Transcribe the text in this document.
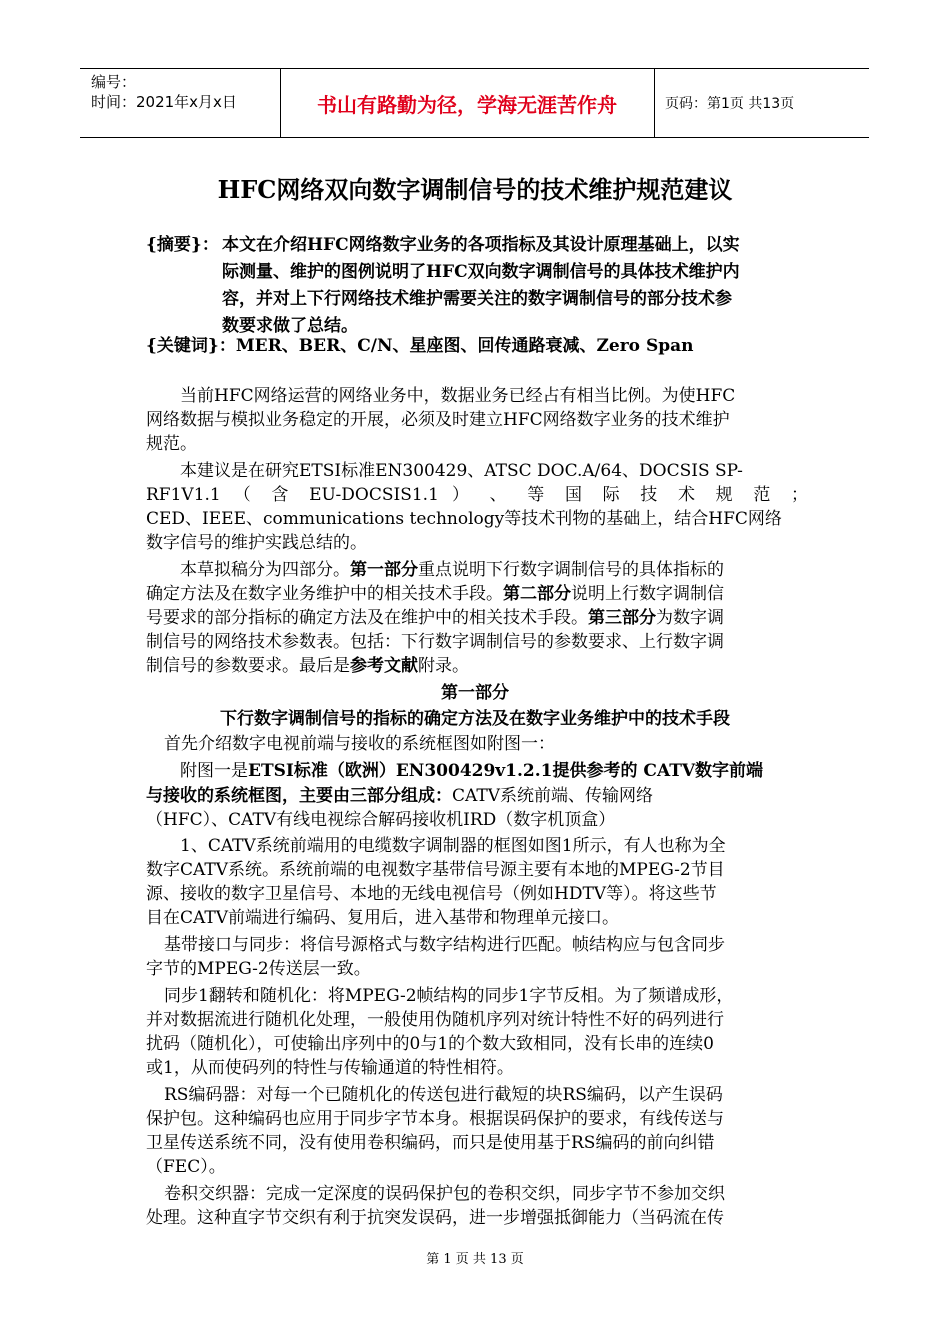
编号：
时间：2021年x月x日	书山有路勤为径，学海无涯苦作舟	页码：第1页 共13页
HFC网络双向数字调制信号的技术维护规范建议
{摘要}： 本文在介绍HFC网络数字业务的各项指标及其设计原理基础上，以实
际测量、维护的图例说明了HFC双向数字调制信号的具体技术维护内
容，并对上下行网络技术维护需要关注的数字调制信号的部分技术参
数要求做了总结。
{关键词}：MER、BER、C/N、星座图、回传通路衰减、Zero Span
当前HFC网络运营的网络业务中，数据业务已经占有相当比例。为使HFC
网络数据与模拟业务稳定的开展，必须及时建立HFC网络数字业务的技术维护
规范。
本建议是在研究ETSI标准EN300429、ATSC DOC.A/64、DOCSIS SP-
RF1V1.1 （ 含 EU-DOCSIS1.1 ） 、 等 国 际 技 术 规 范 ；
CED、IEEE、communications technology等技术刊物的基础上，结合HFC网络
数字信号的维护实践总结的。
本草拟稿分为四部分。第一部分重点说明下行数字调制信号的具体指标的
确定方法及在数字业务维护中的相关技术手段。第二部分说明上行数字调制信
号要求的部分指标的确定方法及在维护中的相关技术手段。第三部分为数字调
制信号的网络技术参数表。包括：下行数字调制信号的参数要求、上行数字调
制信号的参数要求。最后是参考文献附录。
第一部分
下行数字调制信号的指标的确定方法及在数字业务维护中的技术手段
首先介绍数字电视前端与接收的系统框图如附图一：
附图一是ETSI标准（欧洲）EN300429v1.2.1提供参考的 CATV数字前端
与接收的系统框图，主要由三部分组成：CATV系统前端、传输网络
（HFC）、CATV有线电视综合解码接收机IRD（数字机顶盒）
1、CATV系统前端用的电缆数字调制器的框图如图1所示，有人也称为全
数字CATV系统。系统前端的电视数字基带信号源主要有本地的MPEG-2节目
源、接收的数字卫星信号、本地的无线电视信号（例如HDTV等）。将这些节
目在CATV前端进行编码、复用后，进入基带和物理单元接口。
基带接口与同步：将信号源格式与数字结构进行匹配。帧结构应与包含同步
字节的MPEG-2传送层一致。
同步1翻转和随机化：将MPEG-2帧结构的同步1字节反相。为了频谱成形，
并对数据流进行随机化处理，一般使用伪随机序列对统计特性不好的码列进行
扰码（随机化），可使输出序列中的0与1的个数大致相同，没有长串的连续0
或1，从而使码列的特性与传输通道的特性相符。
RS编码器：对每一个已随机化的传送包进行截短的块RS编码，以产生误码
保护包。这种编码也应用于同步字节本身。根据误码保护的要求，有线传送与
卫星传送系统不同，没有使用卷积编码，而只是使用基于RS编码的前向纠错
（FEC）。
卷积交织器：完成一定深度的误码保护包的卷积交织，同步字节不参加交织
处理。这种直字节交织有利于抗突发误码，进一步增强抵御能力（当码流在传
第 1 页 共 13 页
